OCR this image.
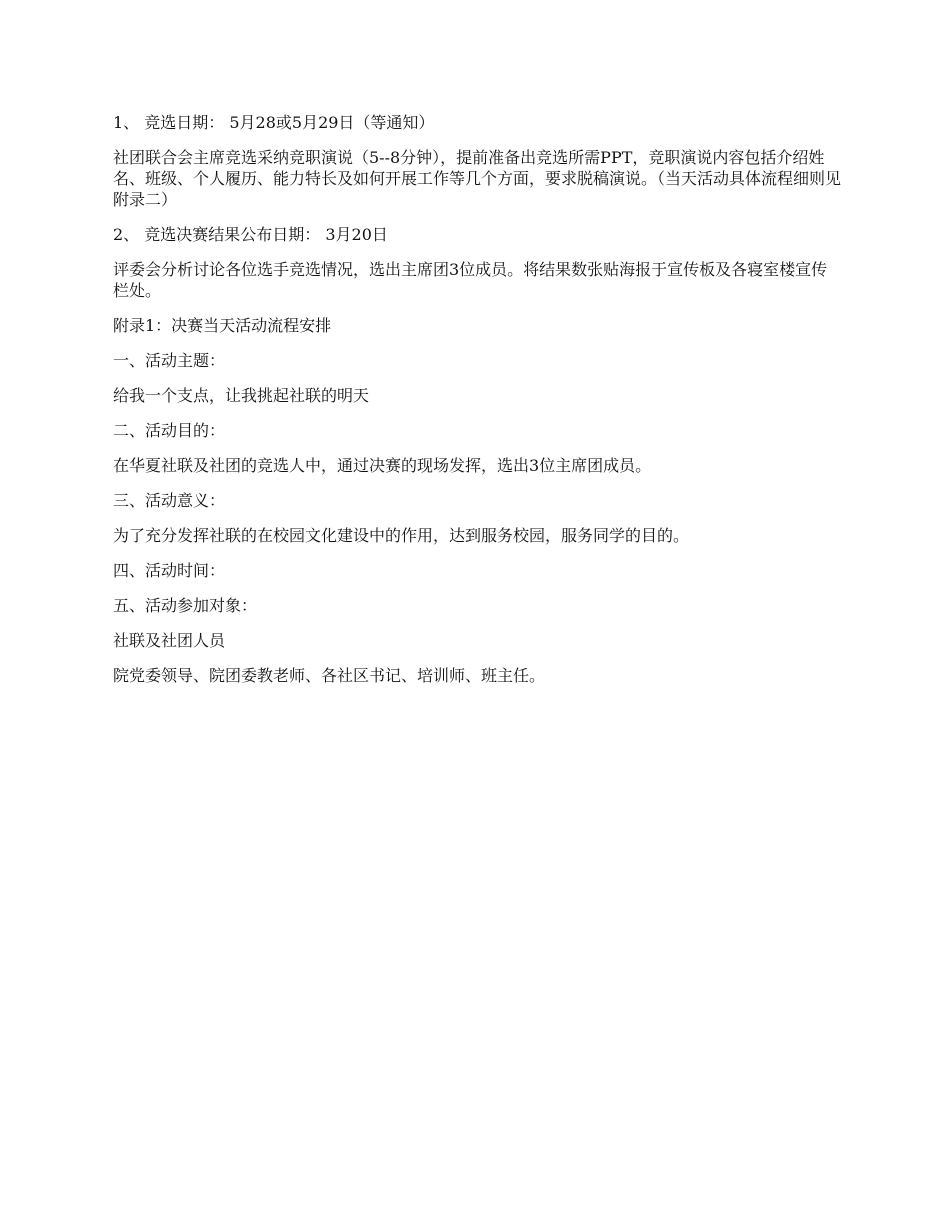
1、 竞选日期： 5月28或5月29日（等通知）

社团联合会主席竞选采纳竞职演说（5--8分钟），提前准备出竞选所需PPT，竞职演说内容包括介绍姓名、班级、个人履历、能力特长及如何开展工作等几个方面，要求脱稿演说。（当天活动具体流程细则见附录二）

2、 竞选决赛结果公布日期： 3月20日

评委会分析讨论各位选手竞选情况，选出主席团3位成员。将结果数张贴海报于宣传板及各寝室楼宣传栏处。

附录1：决赛当天活动流程安排

一、活动主题：

给我一个支点，让我挑起社联的明天

二、活动目的：

在华夏社联及社团的竞选人中，通过决赛的现场发挥，选出3位主席团成员。

三、活动意义：

为了充分发挥社联的在校园文化建设中的作用，达到服务校园，服务同学的目的。

四、活动时间：

五、活动参加对象：

社联及社团人员

院党委领导、院团委教老师、各社区书记、培训师、班主任。
